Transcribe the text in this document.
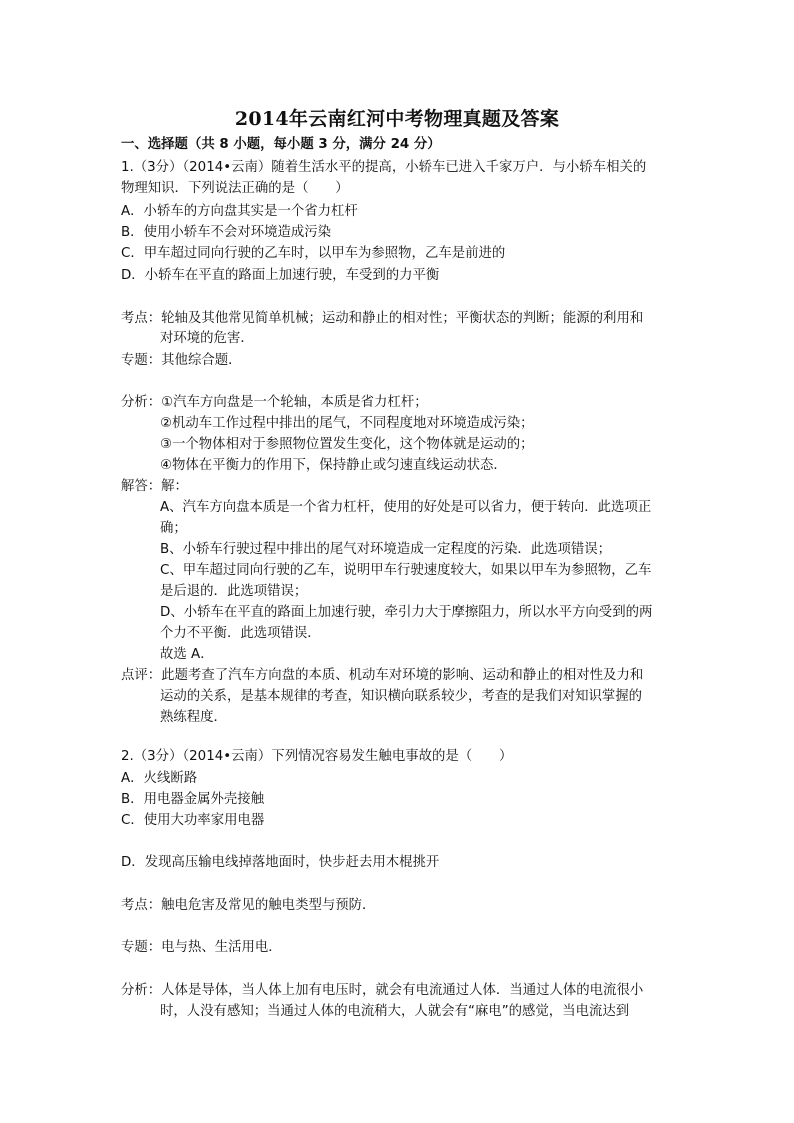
2014年云南红河中考物理真题及答案
一、选择题（共 8 小题，每小题 3 分，满分 24 分）
1.（3分）（2014•云南）随着生活水平的提高，小轿车已进入千家万户．与小轿车相关的
物理知识．下列说法正确的是（　　）
A．小轿车的方向盘其实是一个省力杠杆
B．使用小轿车不会对环境造成污染
C．甲车超过同向行驶的乙车时，以甲车为参照物，乙车是前进的
D．小轿车在平直的路面上加速行驶，车受到的力平衡
考点：轮轴及其他常见简单机械；运动和静止的相对性；平衡状态的判断；能源的利用和
对环境的危害．
专题：其他综合题．
分析：①汽车方向盘是一个轮轴，本质是省力杠杆；
②机动车工作过程中排出的尾气，不同程度地对环境造成污染；
③一个物体相对于参照物位置发生变化，这个物体就是运动的；
④物体在平衡力的作用下，保持静止或匀速直线运动状态．
解答：解：
A、汽车方向盘本质是一个省力杠杆，使用的好处是可以省力，便于转向．此选项正
确；
B、小轿车行驶过程中排出的尾气对环境造成一定程度的污染．此选项错误；
C、甲车超过同向行驶的乙车，说明甲车行驶速度较大，如果以甲车为参照物，乙车
是后退的．此选项错误；
D、小轿车在平直的路面上加速行驶，牵引力大于摩擦阻力，所以水平方向受到的两
个力不平衡．此选项错误．
故选 A．
点评：此题考查了汽车方向盘的本质、机动车对环境的影响、运动和静止的相对性及力和
运动的关系，是基本规律的考查，知识横向联系较少，考查的是我们对知识掌握的
熟练程度．
2.（3分）（2014•云南）下列情况容易发生触电事故的是（　　）
A．火线断路
B．用电器金属外壳接触
C．使用大功率家用电器
D．发现高压输电线掉落地面时，快步赶去用木棍挑开
考点：触电危害及常见的触电类型与预防．
专题：电与热、生活用电．
分析：人体是导体，当人体上加有电压时，就会有电流通过人体．当通过人体的电流很小
时，人没有感知；当通过人体的电流稍大，人就会有“麻电”的感觉，当电流达到
